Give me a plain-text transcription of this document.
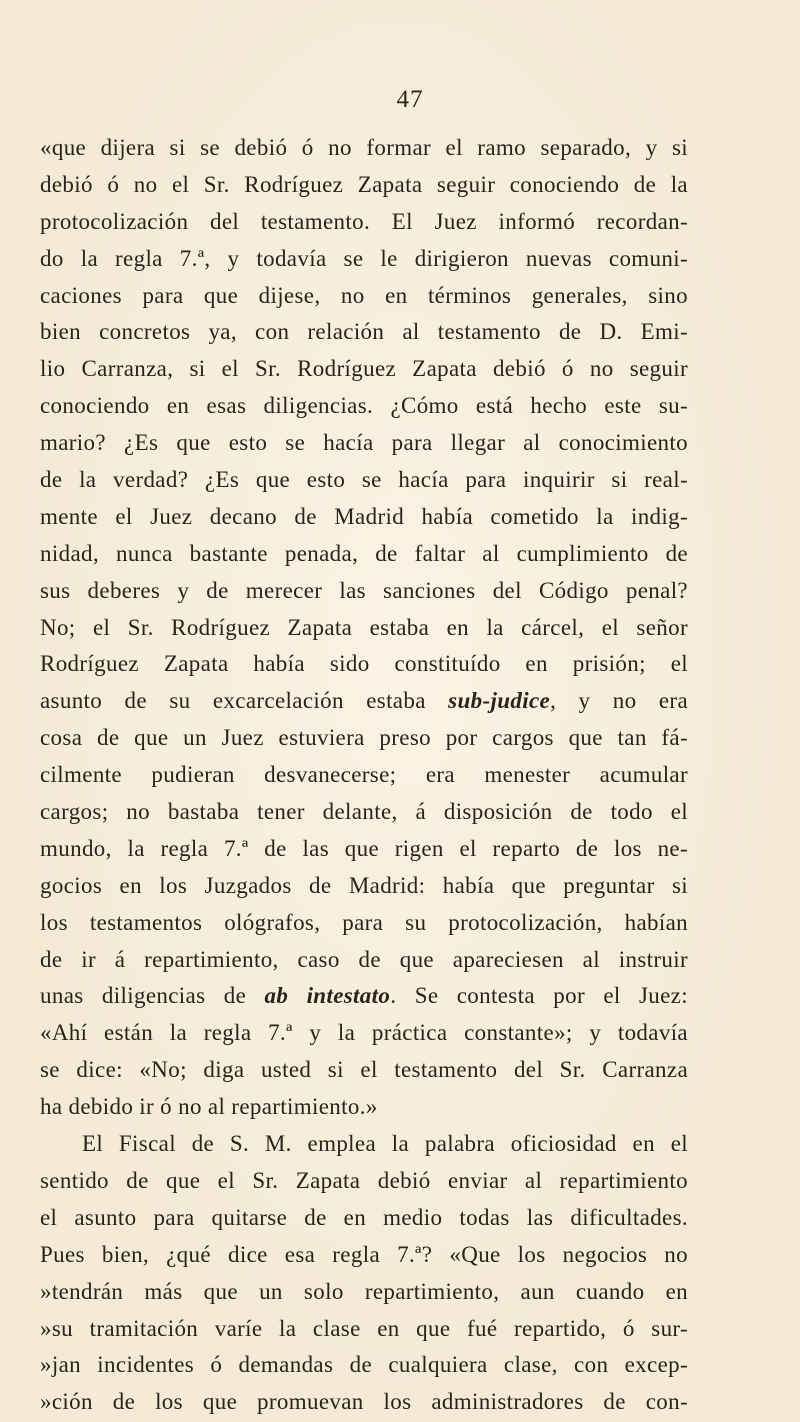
47
«que dijera si se debió ó no formar el ramo separado, y si
debió ó no el Sr. Rodríguez Zapata seguir conociendo de la
protocolización del testamento. El Juez informó recordan-
do la regla 7.ª, y todavía se le dirigieron nuevas comuni-
caciones para que dijese, no en términos generales, sino
bien concretos ya, con relación al testamento de D. Emi-
lio Carranza, si el Sr. Rodríguez Zapata debió ó no seguir
conociendo en esas diligencias. ¿Cómo está hecho este su-
mario? ¿Es que esto se hacía para llegar al conocimiento
de la verdad? ¿Es que esto se hacía para inquirir si real-
mente el Juez decano de Madrid había cometido la indig-
nidad, nunca bastante penada, de faltar al cumplimiento de
sus deberes y de merecer las sanciones del Código penal?
No; el Sr. Rodríguez Zapata estaba en la cárcel, el señor
Rodríguez Zapata había sido constituído en prisión; el
asunto de su excarcelación estaba sub-judice, y no era
cosa de que un Juez estuviera preso por cargos que tan fá-
cilmente pudieran desvanecerse; era menester acumular
cargos; no bastaba tener delante, á disposición de todo el
mundo, la regla 7.ª de las que rigen el reparto de los ne-
gocios en los Juzgados de Madrid: había que preguntar si
los testamentos ológrafos, para su protocolización, habían
de ir á repartimiento, caso de que apareciesen al instruir
unas diligencias de ab intestato. Se contesta por el Juez:
«Ahí están la regla 7.ª y la práctica constante»; y todavía
se dice: «No; diga usted si el testamento del Sr. Carranza
ha debido ir ó no al repartimiento.»
El Fiscal de S. M. emplea la palabra oficiosidad en el
sentido de que el Sr. Zapata debió enviar al repartimiento
el asunto para quitarse de en medio todas las dificultades.
Pues bien, ¿qué dice esa regla 7.ª? «Que los negocios no
»tendrán más que un solo repartimiento, aun cuando en
»su tramitación varíe la clase en que fué repartido, ó sur-
»jan incidentes ó demandas de cualquiera clase, con excep-
»ción de los que promuevan los administradores de con-
